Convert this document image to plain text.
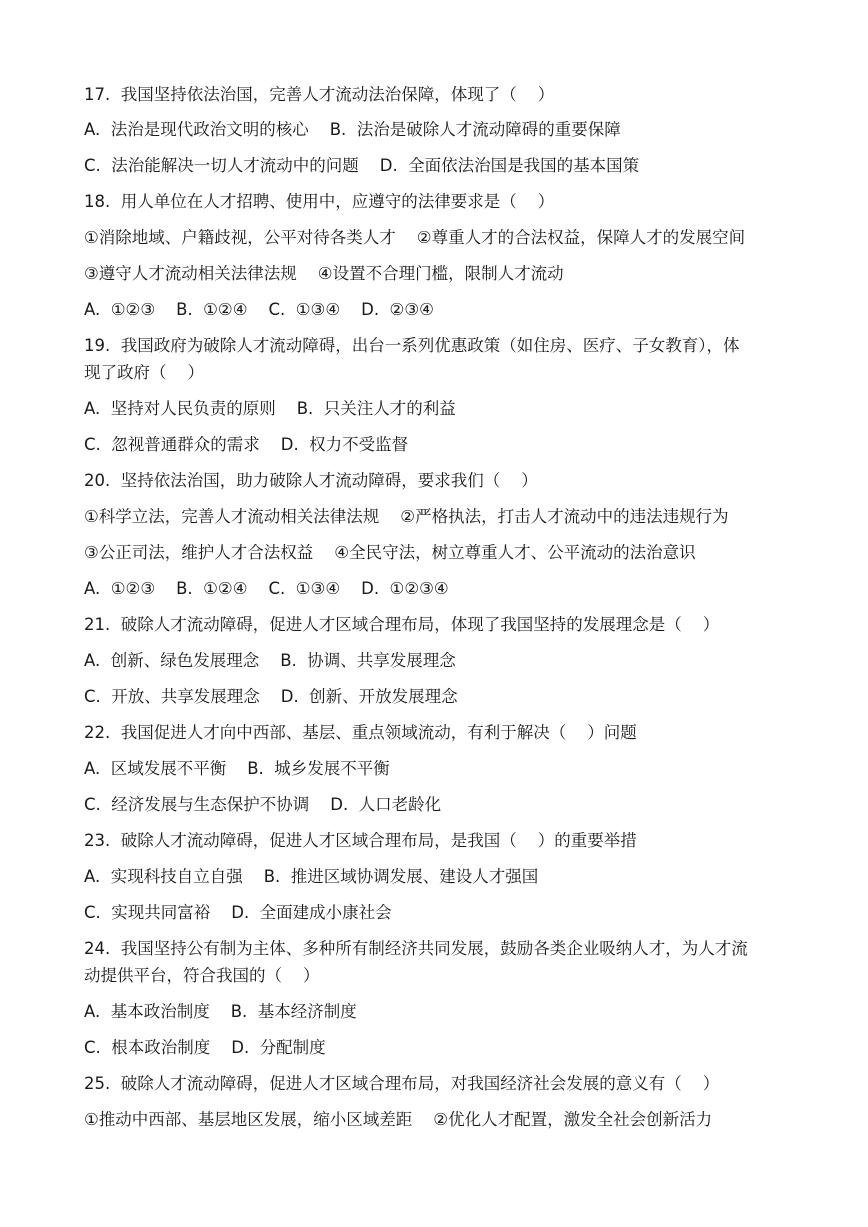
17.  我国坚持依法治国，完善人才流动法治保障，体现了（    ）
A.  法治是现代政治文明的核心    B.  法治是破除人才流动障碍的重要保障
C.  法治能解决一切人才流动中的问题    D.  全面依法治国是我国的基本国策
18.  用人单位在人才招聘、使用中，应遵守的法律要求是（    ）
①消除地域、户籍歧视，公平对待各类人才    ②尊重人才的合法权益，保障人才的发展空间
③遵守人才流动相关法律法规    ④设置不合理门槛，限制人才流动
A.  ①②③    B.  ①②④    C.  ①③④    D.  ②③④
19.  我国政府为破除人才流动障碍，出台一系列优惠政策（如住房、医疗、子女教育），体
现了政府（    ）
A.  坚持对人民负责的原则    B.  只关注人才的利益
C.  忽视普通群众的需求    D.  权力不受监督
20.  坚持依法治国，助力破除人才流动障碍，要求我们（    ）
①科学立法，完善人才流动相关法律法规    ②严格执法，打击人才流动中的违法违规行为
③公正司法，维护人才合法权益    ④全民守法，树立尊重人才、公平流动的法治意识
A.  ①②③    B.  ①②④    C.  ①③④    D.  ①②③④
21.  破除人才流动障碍，促进人才区域合理布局，体现了我国坚持的发展理念是（    ）
A.  创新、绿色发展理念    B.  协调、共享发展理念
C.  开放、共享发展理念    D.  创新、开放发展理念
22.  我国促进人才向中西部、基层、重点领域流动，有利于解决（    ）问题
A.  区域发展不平衡    B.  城乡发展不平衡
C.  经济发展与生态保护不协调    D.  人口老龄化
23.  破除人才流动障碍，促进人才区域合理布局，是我国（    ）的重要举措
A.  实现科技自立自强    B.  推进区域协调发展、建设人才强国
C.  实现共同富裕    D.  全面建成小康社会
24.  我国坚持公有制为主体、多种所有制经济共同发展，鼓励各类企业吸纳人才，为人才流
动提供平台，符合我国的（    ）
A.  基本政治制度    B.  基本经济制度
C.  根本政治制度    D.  分配制度
25.  破除人才流动障碍，促进人才区域合理布局，对我国经济社会发展的意义有（    ）
①推动中西部、基层地区发展，缩小区域差距    ②优化人才配置，激发全社会创新活力
